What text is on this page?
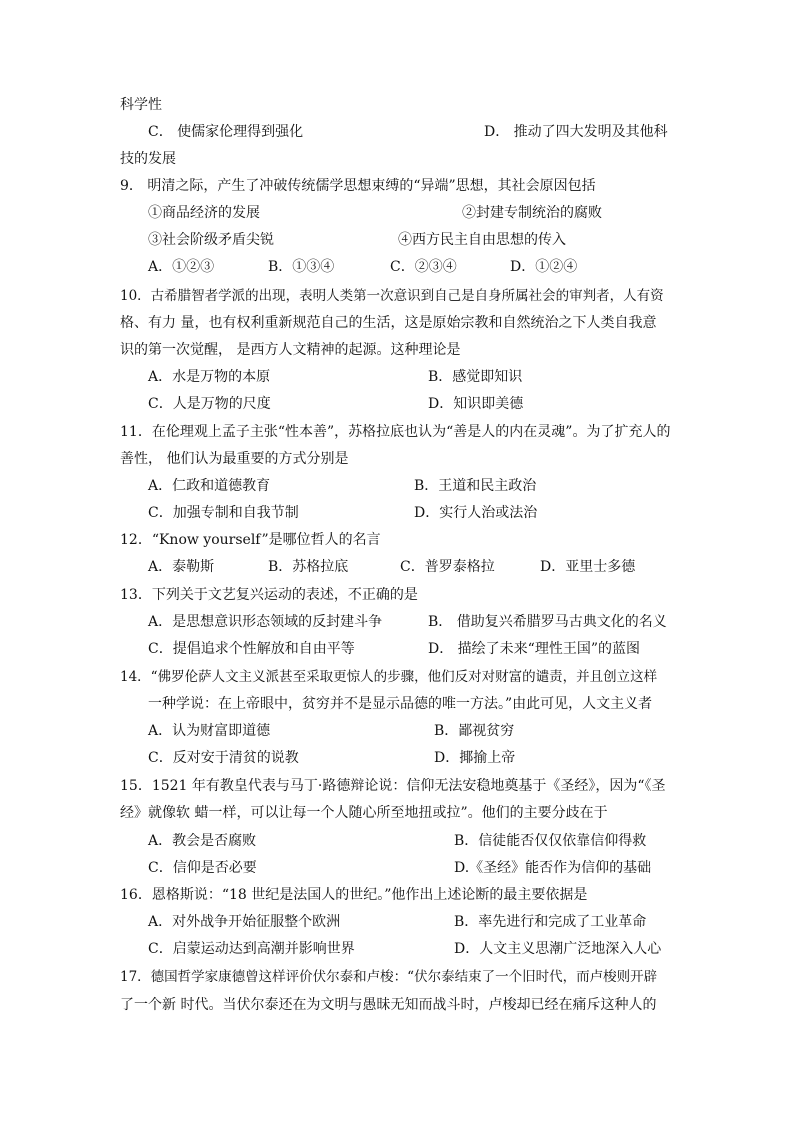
科学性
C． 使儒家伦理得到强化	D． 推动了四大发明及其他科
技的发展
9． 明清之际，产生了冲破传统儒学思想束缚的“异端”思想，其社会原因包括
①商品经济的发展	②封建专制统治的腐败
③社会阶级矛盾尖锐	④西方民主自由思想的传入
A．①②③	B．①③④	C．②③④	D．①②④
10．古希腊智者学派的出现，表明人类第一次意识到自己是自身所属社会的审判者，人有资
格、有力 量，也有权利重新规范自己的生活，这是原始宗教和自然统治之下人类自我意
识的第一次觉醒， 是西方人文精神的起源。这种理论是
A．水是万物的本原	B．感觉即知识
C．人是万物的尺度	D．知识即美德
11．在伦理观上孟子主张“性本善”，苏格拉底也认为“善是人的内在灵魂”。为了扩充人的
善性， 他们认为最重要的方式分别是
A．仁政和道德教育	B．王道和民主政治
C．加强专制和自我节制	D．实行人治或法治
12．“Know yourself”是哪位哲人的名言
A．泰勒斯	B．苏格拉底	C．普罗泰格拉	D．亚里士多德
13．下列关于文艺复兴运动的表述，不正确的是
A．是思想意识形态领域的反封建斗争	B． 借助复兴希腊罗马古典文化的名义
C．提倡追求个性解放和自由平等	D． 描绘了未来“理性王国”的蓝图
14．“佛罗伦萨人文主义派甚至采取更惊人的步骤，他们反对对财富的谴责，并且创立这样
一种学说：在上帝眼中，贫穷并不是显示品德的唯一方法。”由此可见，人文主义者
A．认为财富即道德	B．鄙视贫穷
C．反对安于清贫的说教	D．揶揄上帝
15．1521 年有教皇代表与马丁·路德辩论说：信仰无法安稳地奠基于《圣经》，因为“《圣
经》就像软 蜡一样，可以让每一个人随心所至地扭或拉”。他们的主要分歧在于
A．教会是否腐败	B．信徒能否仅仅依靠信仰得救
C．信仰是否必要	D.《圣经》能否作为信仰的基础
16．恩格斯说：“18 世纪是法国人的世纪。”他作出上述论断的最主要依据是
A．对外战争开始征服整个欧洲	B．率先进行和完成了工业革命
C．启蒙运动达到高潮并影响世界	D．人文主义思潮广泛地深入人心
17．德国哲学家康德曾这样评价伏尔泰和卢梭：“伏尔泰结束了一个旧时代，而卢梭则开辟
了一个新 时代。当伏尔泰还在为文明与愚昧无知而战斗时，卢梭却已经在痛斥这种人的
